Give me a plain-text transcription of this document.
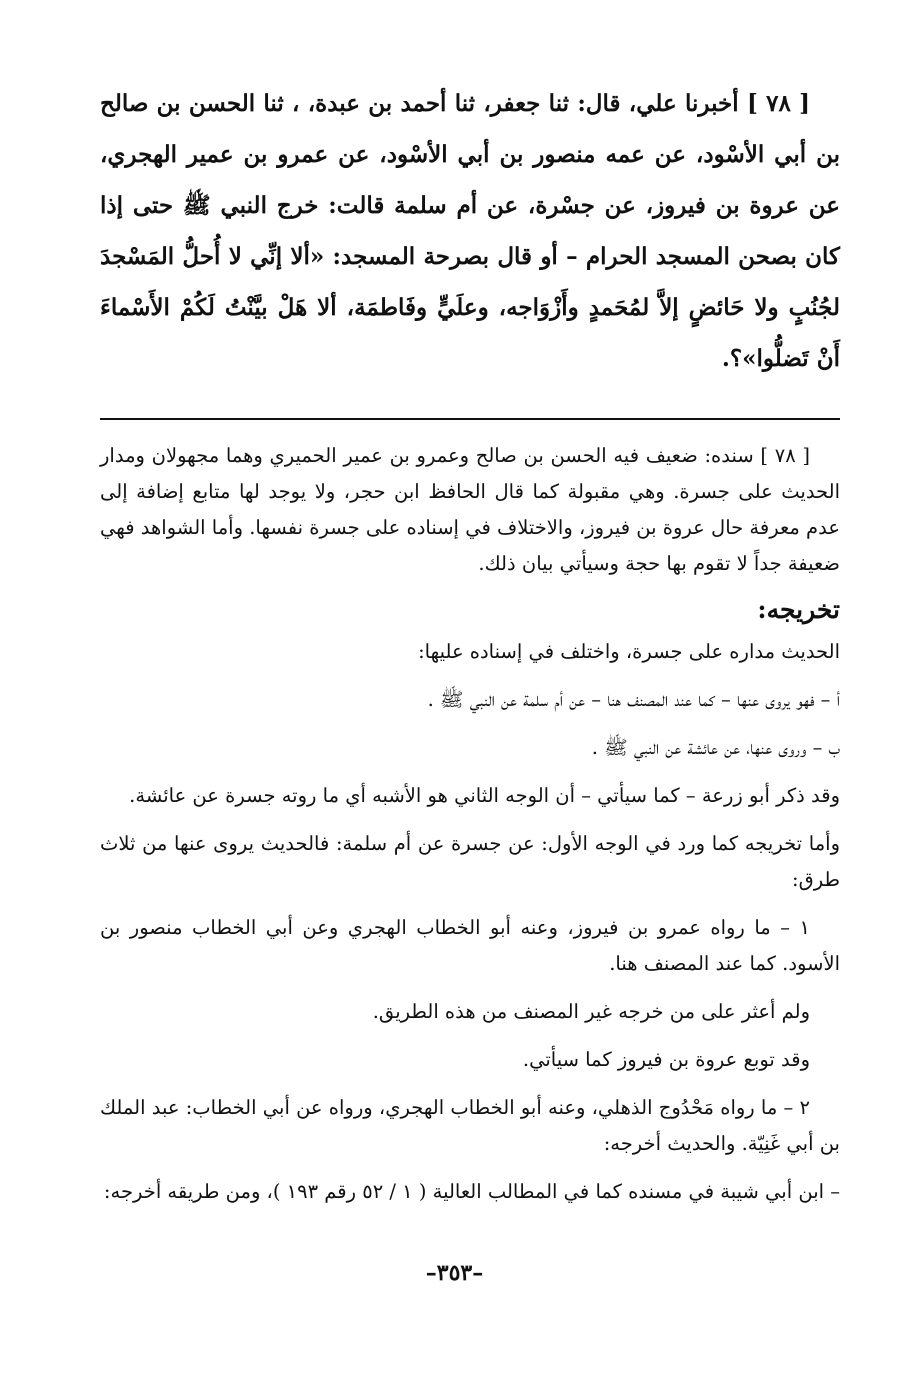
[ ٧٨ ] أخبرنا علي، قال: ثنا جعفر، ثنا أحمد بن عبدة، ، ثنا الحسن بن صالح بن أبي الأسْود، عن عمه منصور بن أبي الأسْود، عن عمرو بن عمير الهجري، عن عروة بن فيروز، عن جسْرة، عن أم سلمة قالت: خرج النبي ﷺ حتى إذا كان بصحن المسجد الحرام – أو قال بصرحة المسجد: «ألا إنِّي لا أُحلُّ المَسْجدَ لجُنُبٍ ولا حَائضٍ إلاَّ لمُحَمدٍ وأَزْوَاجه، وعلَيٍّ وفَاطمَة، ألا هَلْ بيَّنْتُ لَكُمْ الأَسْماءَ أَنْ تَضلُّوا»؟.

[ ٧٨ ] سنده: ضعيف فيه الحسن بن صالح وعمرو بن عمير الحميري وهما مجهولان ومدار الحديث على جسرة. وهي مقبولة كما قال الحافظ ابن حجر، ولا يوجد لها متابع إضافة إلى عدم معرفة حال عروة بن فيروز، والاختلاف في إسناده على جسرة نفسها. وأما الشواهد فهي ضعيفة جداً لا تقوم بها حجة وسيأتي بيان ذلك.

تخريجه:

الحديث مداره على جسرة، واختلف في إسناده عليها:

أ – فهو يروى عنها – كما عند المصنف هنا – عن أم سلمة عن النبي ﷺ .

ب – وروى عنها، عن عائشة عن النبي ﷺ .

وقد ذكر أبو زرعة – كما سيأتي – أن الوجه الثاني هو الأشبه أي ما روته جسرة عن عائشة.

وأما تخريجه كما ورد في الوجه الأول: عن جسرة عن أم سلمة: فالحديث يروى عنها من ثلاث طرق:

١ – ما رواه عمرو بن فيروز، وعنه أبو الخطاب الهجري وعن أبي الخطاب منصور بن الأسود. كما عند المصنف هنا.

ولم أعثر على من خرجه غير المصنف من هذه الطريق.

وقد توبع عروة بن فيروز كما سيأتي.

٢ – ما رواه مَحْدُوج الذهلي، وعنه أبو الخطاب الهجري، ورواه عن أبي الخطاب: عبد الملك بن أبي غَنِيّة. والحديث أخرجه:

– ابن أبي شيبة في مسنده كما في المطالب العالية ( ١ / ٥٢ رقم ١٩٣ )، ومن طريقه أخرجه:

–٣٥٣–
